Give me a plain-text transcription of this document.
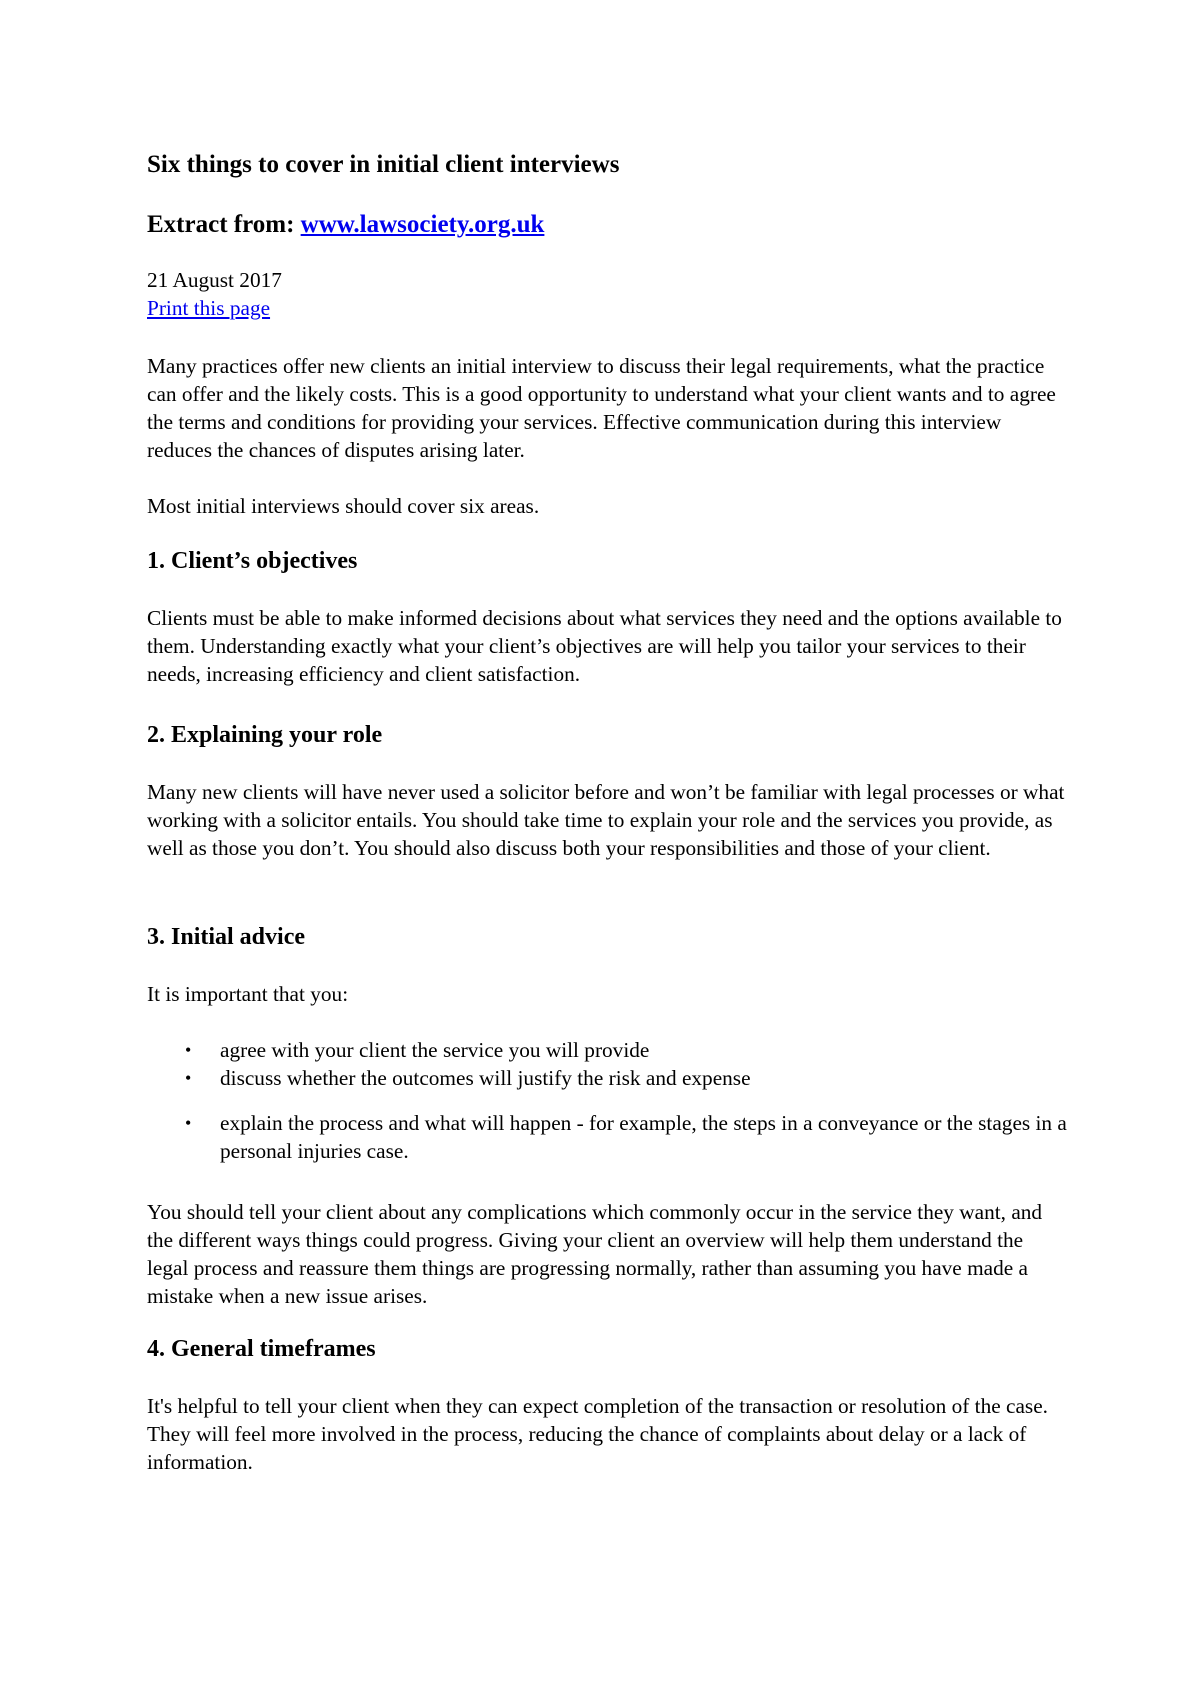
Six things to cover in initial client interviews
Extract from: www.lawsociety.org.uk

21 August 2017

Print this page

Many practices offer new clients an initial interview to discuss their legal requirements, what the practice can offer and the likely costs. This is a good opportunity to understand what your client wants and to agree the terms and conditions for providing your services. Effective communication during this interview reduces the chances of disputes arising later.

Most initial interviews should cover six areas.

1. Client’s objectives

Clients must be able to make informed decisions about what services they need and the options available to them. Understanding exactly what your client’s objectives are will help you tailor your services to their needs, increasing efficiency and client satisfaction.

2. Explaining your role

Many new clients will have never used a solicitor before and won’t be familiar with legal processes or what working with a solicitor entails. You should take time to explain your role and the services you provide, as well as those you don’t. You should also discuss both your responsibilities and those of your client.

3. Initial advice

It is important that you:

• agree with your client the service you will provide
• discuss whether the outcomes will justify the risk and expense
• explain the process and what will happen - for example, the steps in a conveyance or the stages in a personal injuries case.

You should tell your client about any complications which commonly occur in the service they want, and the different ways things could progress. Giving your client an overview will help them understand the legal process and reassure them things are progressing normally, rather than assuming you have made a mistake when a new issue arises.

4. General timeframes

It's helpful to tell your client when they can expect completion of the transaction or resolution of the case. They will feel more involved in the process, reducing the chance of complaints about delay or a lack of information.
